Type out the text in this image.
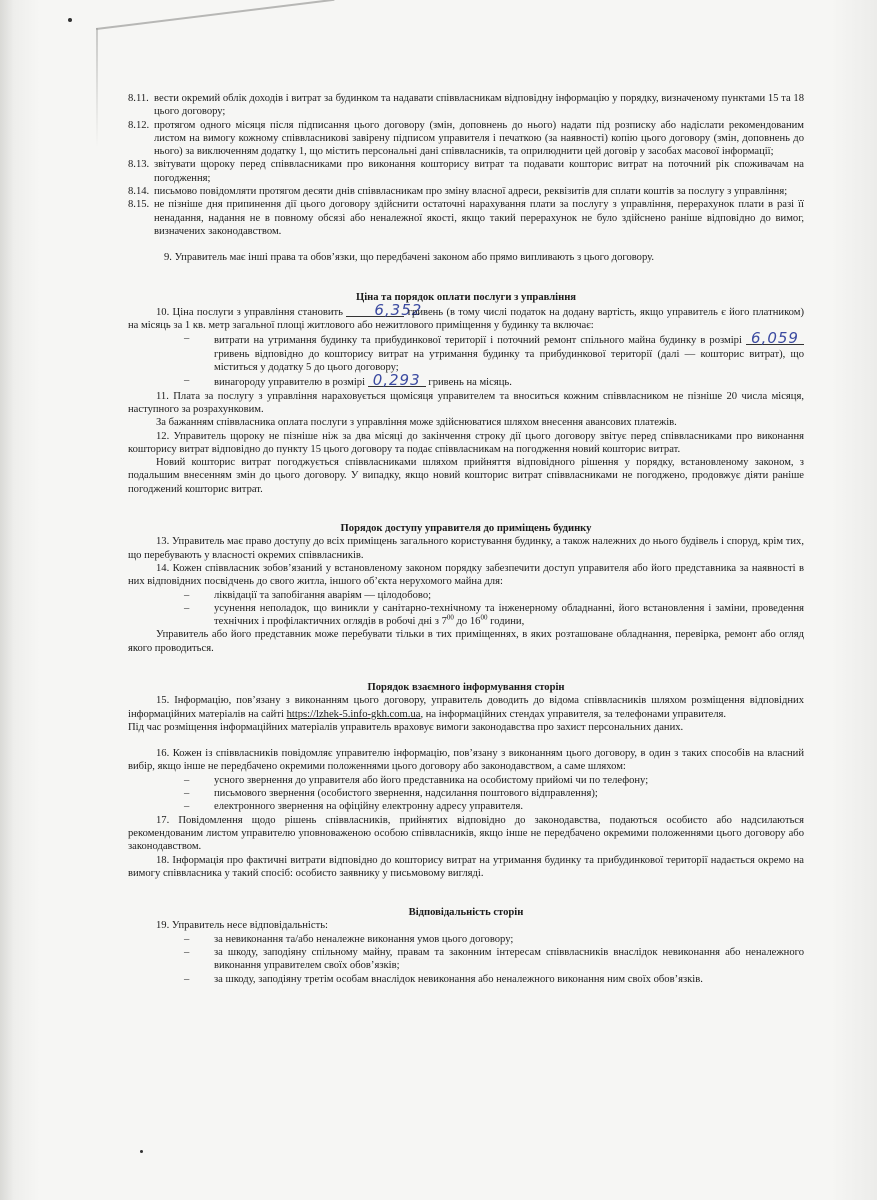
8.11. вести окремий облік доходів і витрат за будинком та надавати співвласникам відповідну інформацію у порядку, визначеному пунктами 15 та 18 цього договору;
8.12. протягом одного місяця після підписання цього договору (змін, доповнень до нього) надати під розписку або надіслати рекомендованим листом на вимогу кожному співвласникові завірену підписом управителя і печаткою (за наявності) копію цього договору (змін, доповнень до нього) за виключенням додатку 1, що містить персональні дані співвласників, та оприлюднити цей договір у засобах масової інформації;
8.13. звітувати щороку перед співвласниками про виконання кошторису витрат та подавати кошторис витрат на поточний рік споживачам на погодження;
8.14. письмово повідомляти протягом десяти днів співвласникам про зміну власної адреси, реквізитів для сплати коштів за послугу з управління;
8.15. не пізніше дня припинення дії цього договору здійснити остаточні нарахування плати за послугу з управління, перерахунок плати в разі її ненадання, надання не в повному обсязі або неналежної якості, якщо такий перерахунок не було здійснено раніше відповідно до вимог, визначених законодавством.

9. Управитель має інші права та обов’язки, що передбачені законом або прямо випливають з цього договору.

Ціна та порядок оплати послуги з управління

10. Ціна послуги з управління становить 6,352 гривень (в тому числі податок на додану вартість, якщо управитель є його платником) на місяць за 1 кв. метр загальної площі житлового або нежитлового приміщення у будинку та включає:

–	витрати на утримання будинку та прибудинкової території і поточний ремонт спільного майна будинку в розмірі 6,059 гривень відповідно до кошторису витрат на утримання будинку та прибудинкової території (далі — кошторис витрат), що міститься у додатку 5 до цього договору;
–	винагороду управителю в розмірі 0,293 гривень на місяць.

11. Плата за послугу з управління нараховується щомісяця управителем та вноситься кожним співвласником не пізніше 20 числа місяця, наступного за розрахунковим.

За бажанням співвласника оплата послуги з управління може здійснюватися шляхом внесення авансових платежів.

12. Управитель щороку не пізніше ніж за два місяці до закінчення строку дії цього договору звітує перед співвласниками про виконання кошторису витрат відповідно до пункту 15 цього договору та подає співвласникам на погодження новий кошторис витрат.

Новий кошторис витрат погоджується співвласниками шляхом прийняття відповідного рішення у порядку, встановленому законом, з подальшим внесенням змін до цього договору. У випадку, якщо новий кошторис витрат співвласниками не погоджено, продовжує діяти раніше погоджений кошторис витрат.

Порядок доступу управителя до приміщень будинку

13. Управитель має право доступу до всіх приміщень загального користування будинку, а також належних до нього будівель і споруд, крім тих, що перебувають у власності окремих співвласників.

14. Кожен співвласник зобов’язаний у встановленому законом порядку забезпечити доступ управителя або його представника за наявності в них відповідних посвідчень до свого житла, іншого об’єкта нерухомого майна для:

–	ліквідації та запобігання аваріям — цілодобово;
–	усунення неполадок, що виникли у санітарно-технічному та інженерному обладнанні, його встановлення і заміни, проведення технічних і профілактичних оглядів в робочі дні з $7^{00}$ до $16^{00}$ години,

Управитель або його представник може перебувати тільки в тих приміщеннях, в яких розташоване обладнання, перевірка, ремонт або огляд якого проводиться.

Порядок взаємного інформування сторін

15. Інформацію, пов’язану з виконанням цього договору, управитель доводить до відома співвласників шляхом розміщення відповідних інформаційних матеріалів на сайті https://lzhek-5.info-gkh.com.ua, на інформаційних стендах управителя, за телефонами управителя.

Під час розміщення інформаційних матеріалів управитель враховує вимоги законодавства про захист персональних даних.

16. Кожен із співвласників повідомляє управителю інформацію, пов’язану з виконанням цього договору, в один з таких способів на власний вибір, якщо інше не передбачено окремими положеннями цього договору або законодавством, а саме шляхом:

–	усного звернення до управителя або його представника на особистому прийомі чи по телефону;
–	письмового звернення (особистого звернення, надсилання поштового відправлення);
–	електронного звернення на офіційну електронну адресу управителя.

17. Повідомлення щодо рішень співвласників, прийнятих відповідно до законодавства, подаються особисто або надсилаються рекомендованим листом управителю уповноваженою особою співвласників, якщо інше не передбачено окремими положеннями цього договору або законодавством.

18. Інформація про фактичні витрати відповідно до кошторису витрат на утримання будинку та прибудинкової території надається окремо на вимогу співвласника у такий спосіб: особисто заявнику у письмовому вигляді.

Відповідальність сторін

19. Управитель несе відповідальність:

–	за невиконання та/або неналежне виконання умов цього договору;
–	за шкоду, заподіяну спільному майну, правам та законним інтересам співвласників внаслідок невиконання або неналежного виконання управителем своїх обов’язків;
–	за шкоду, заподіяну третім особам внаслідок невиконання або неналежного виконання ним своїх обов’язків.
